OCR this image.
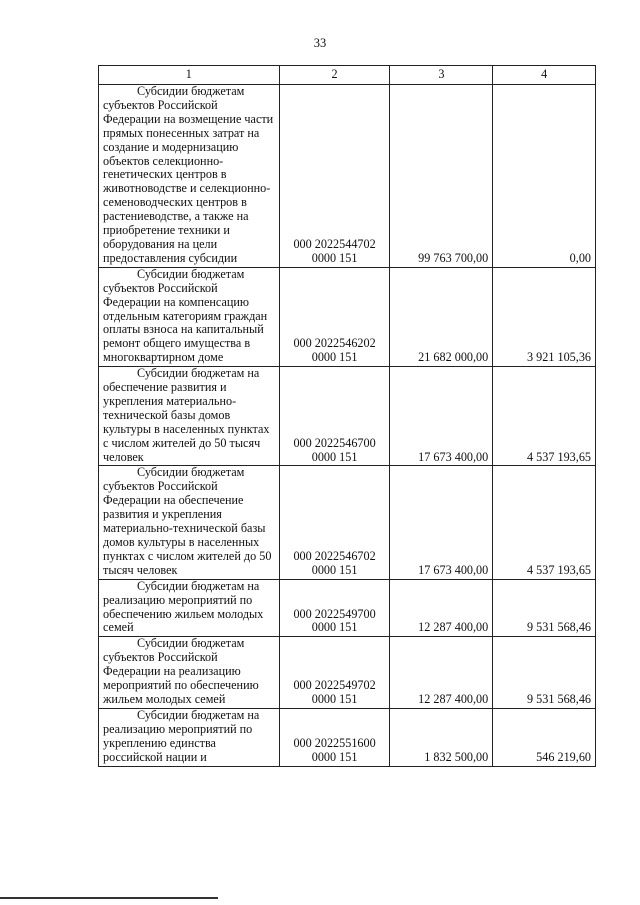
33
1	2	3	4

Субсидии бюджетам субъектов Российской Федерации на возмещение части прямых понесенных затрат на создание и модернизацию объектов селекционно-генетических центров в животноводстве и селекционно-семеноводческих центров в растениеводстве, а также на приобретение техники и оборудования на цели предоставления субсидии	000 2022544702 0000 151	99 763 700,00	0,00

Субсидии бюджетам субъектов Российской Федерации на компенсацию отдельным категориям граждан оплаты взноса на капитальный ремонт общего имущества в многоквартирном доме	000 2022546202 0000 151	21 682 000,00	3 921 105,36

Субсидии бюджетам на обеспечение развития и укрепления материально-технической базы домов культуры в населенных пунктах с числом жителей до 50 тысяч человек	000 2022546700 0000 151	17 673 400,00	4 537 193,65

Субсидии бюджетам субъектов Российской Федерации на обеспечение развития и укрепления материально-технической базы домов культуры в населенных пунктах с числом жителей до 50 тысяч человек	000 2022546702 0000 151	17 673 400,00	4 537 193,65

Субсидии бюджетам на реализацию мероприятий по обеспечению жильем молодых семей	000 2022549700 0000 151	12 287 400,00	9 531 568,46

Субсидии бюджетам субъектов Российской Федерации на реализацию мероприятий по обеспечению жильем молодых семей	000 2022549702 0000 151	12 287 400,00	9 531 568,46

Субсидии бюджетам на реализацию мероприятий по укреплению единства российской нации и	000 2022551600 0000 151	1 832 500,00	546 219,60
